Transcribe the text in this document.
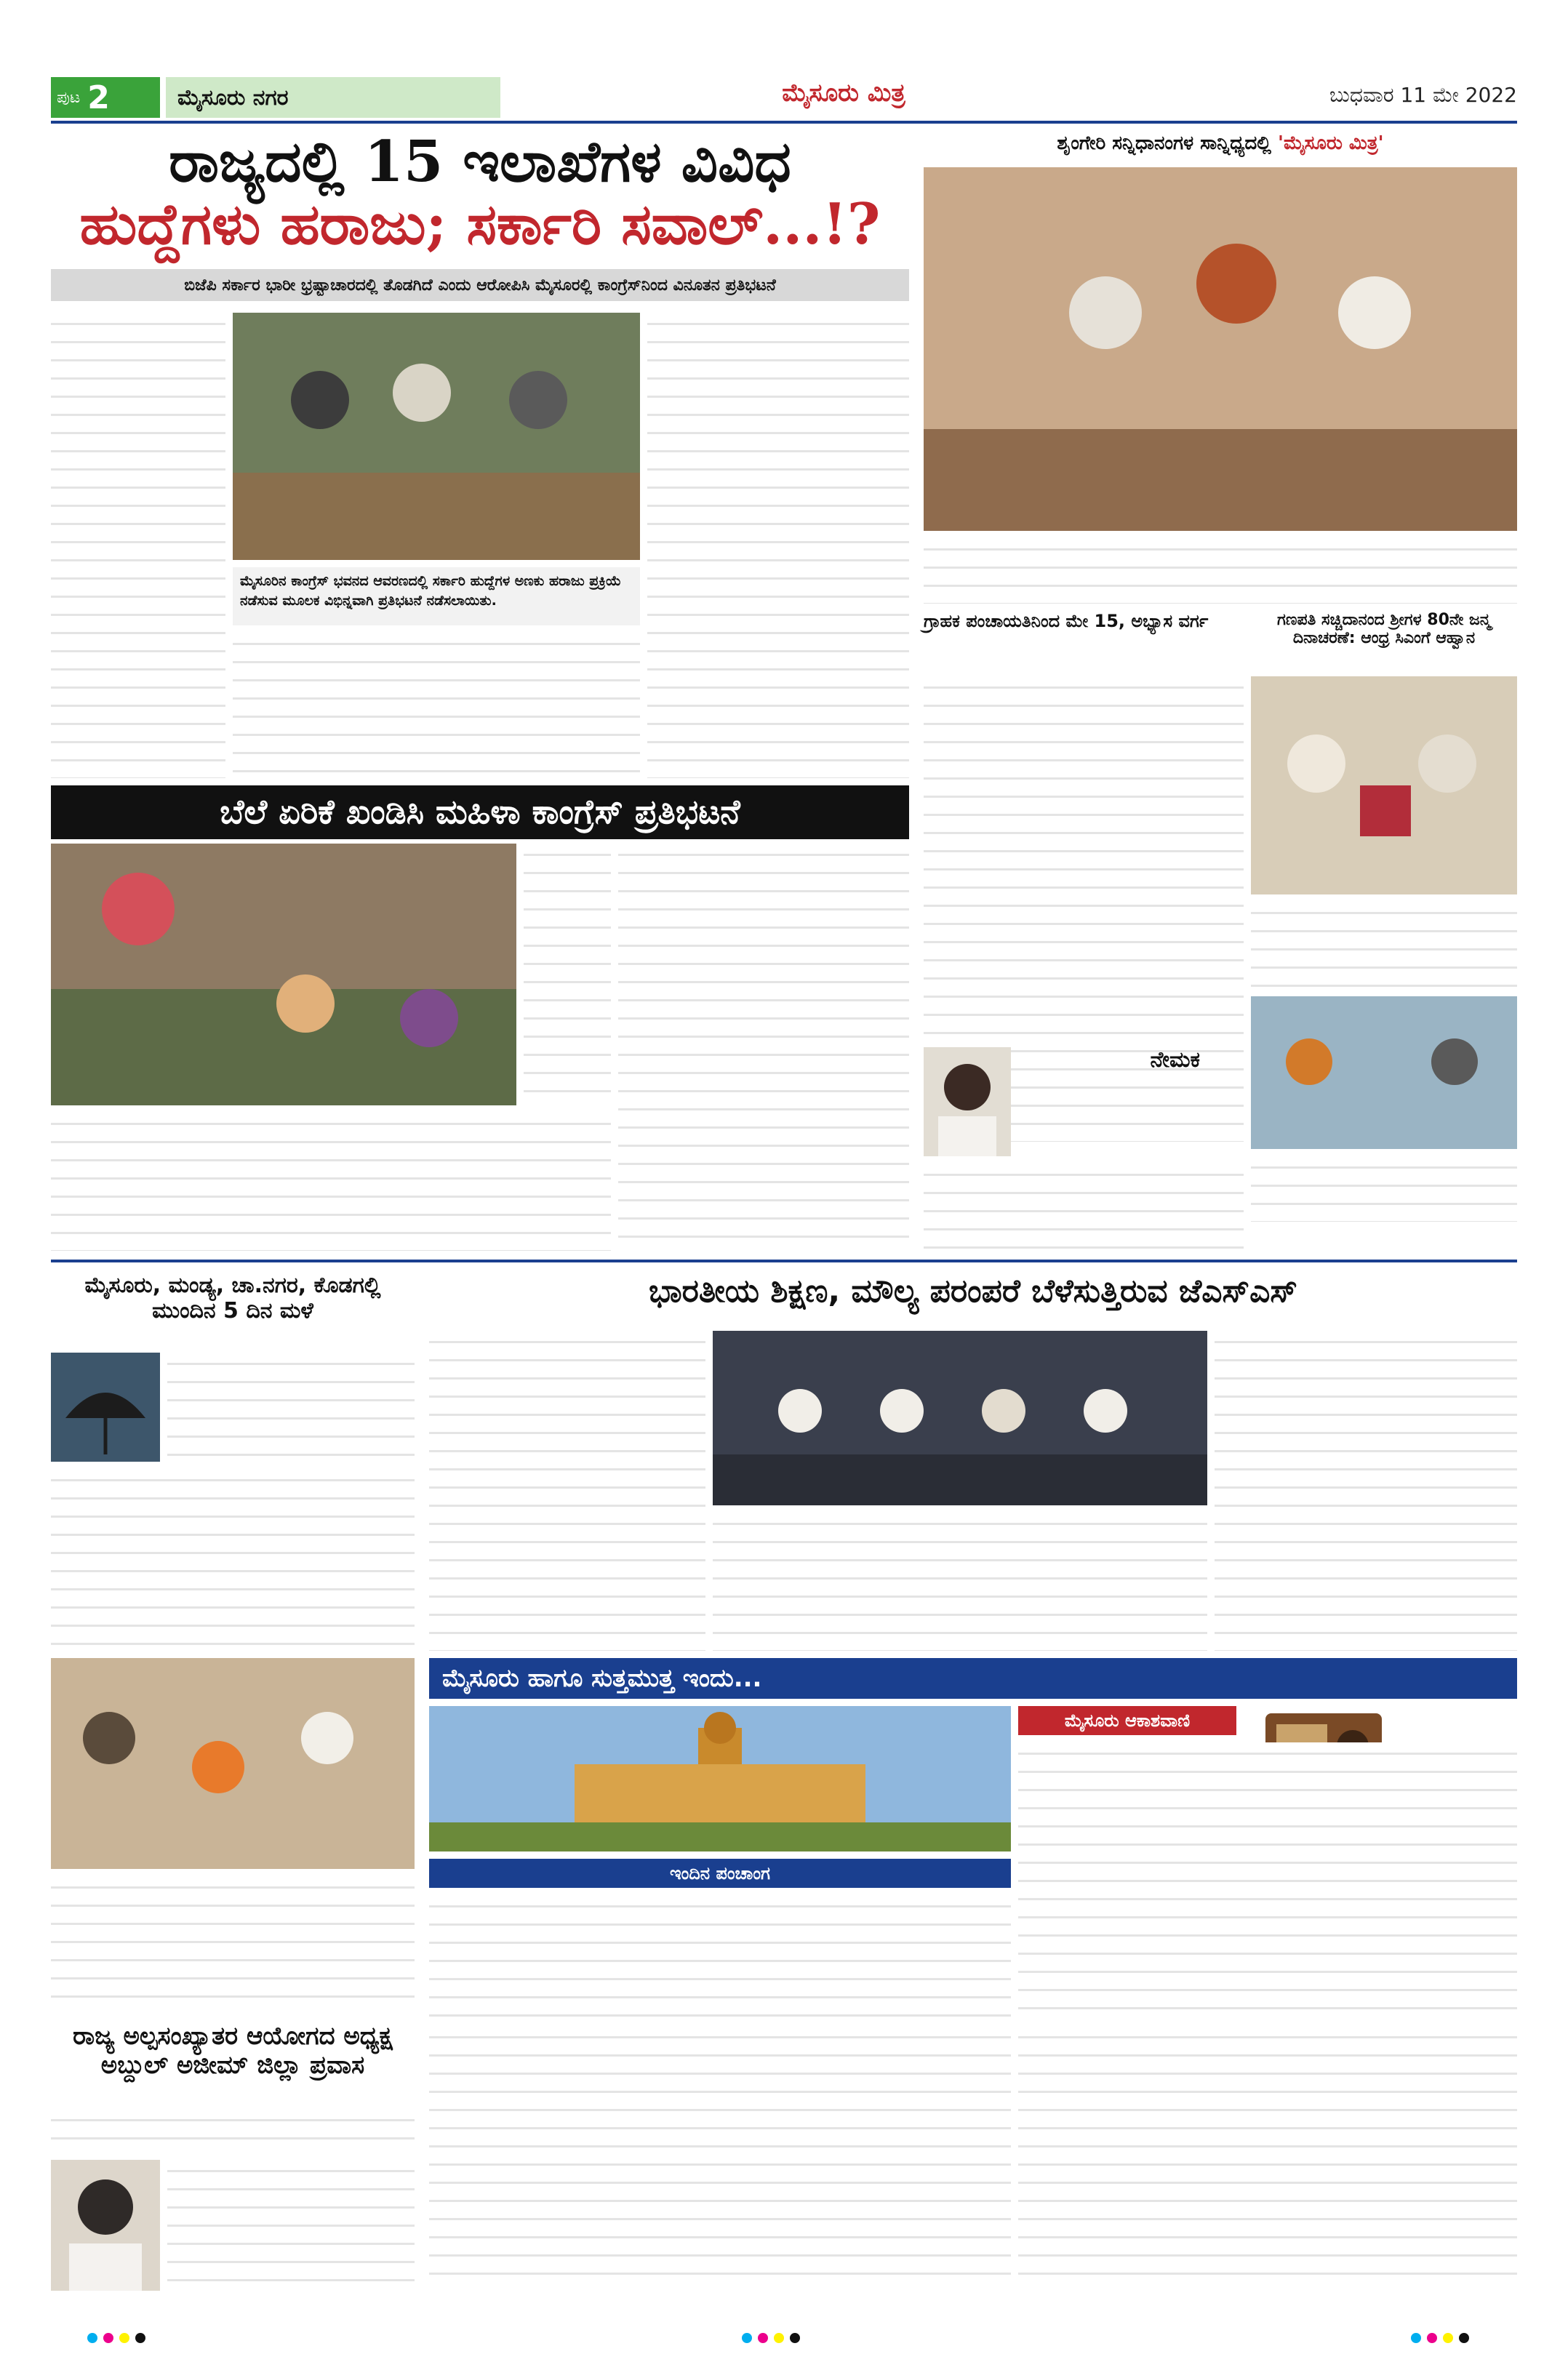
ಪುಟ 2	ಮೈಸೂರು ನಗರ	ಮೈಸೂರು ಮಿತ್ರ	ಬುಧವಾರ 11 ಮೇ 2022
ರಾಜ್ಯದಲ್ಲಿ 15 ಇಲಾಖೆಗಳ ವಿವಿಧ
ಹುದ್ದೆಗಳು ಹರಾಜು; ಸರ್ಕಾರಿ ಸವಾಲ್...!?
ಬಿಜೆಪಿ ಸರ್ಕಾರ ಭಾರೀ ಭ್ರಷ್ಟಾಚಾರದಲ್ಲಿ ತೊಡಗಿದೆ ಎಂದು ಆರೋಪಿಸಿ ಮೈಸೂರಲ್ಲಿ ಕಾಂಗ್ರೆಸ್‌ನಿಂದ ವಿನೂತನ ಪ್ರತಿಭಟನೆ
ಮೈಸೂರಿನ ಕಾಂಗ್ರೆಸ್ ಭವನದ ಆವರಣದಲ್ಲಿ ಸರ್ಕಾರಿ ಹುದ್ದೆಗಳ ಅಣಕು ಹರಾಜು ಪ್ರಕ್ರಿಯೆ ನಡೆಸುವ ಮೂಲಕ ವಿಭಿನ್ನವಾಗಿ ಪ್ರತಿಭಟನೆ ನಡೆಸಲಾಯಿತು.
ಶೃಂಗೇರಿ ಸನ್ನಿಧಾನಂಗಳ ಸಾನ್ನಿಧ್ಯದಲ್ಲಿ 'ಮೈಸೂರು ಮಿತ್ರ'
ಗ್ರಾಹಕ ಪಂಚಾಯತಿನಿಂದ ಮೇ 15, ಅಭ್ಯಾಸ ವರ್ಗ	ಗಣಪತಿ ಸಚ್ಚಿದಾನಂದ ಶ್ರೀಗಳ 80ನೇ ಜನ್ಮ ದಿನಾಚರಣೆ: ಆಂಧ್ರ ಸಿಎಂಗೆ ಆಹ್ವಾನ
ಬೆಲೆ ಏರಿಕೆ ಖಂಡಿಸಿ ಮಹಿಳಾ ಕಾಂಗ್ರೆಸ್ ಪ್ರತಿಭಟನೆ
ನೇಮಕ
ಮೈಸೂರು, ಮಂಡ್ಯ, ಚಾ.ನಗರ, ಕೊಡಗಲ್ಲಿ ಮುಂದಿನ 5 ದಿನ ಮಳೆ
ಭಾರತೀಯ ಶಿಕ್ಷಣ, ಮೌಲ್ಯ ಪರಂಪರೆ ಬೆಳೆಸುತ್ತಿರುವ ಜೆಎಸ್‌ಎಸ್
ರಾಜ್ಯ ಅಲ್ಪಸಂಖ್ಯಾತರ ಆಯೋಗದ ಅಧ್ಯಕ್ಷ
ಅಬ್ದುಲ್ ಅಜೀಮ್ ಜಿಲ್ಲಾ ಪ್ರವಾಸ
ಮೈಸೂರು ಹಾಗೂ ಸುತ್ತಮುತ್ತ ಇಂದು...
ಇಂದಿನ ಪಂಚಾಂಗ
ಮೈಸೂರು ಆಕಾಶವಾಣಿ
